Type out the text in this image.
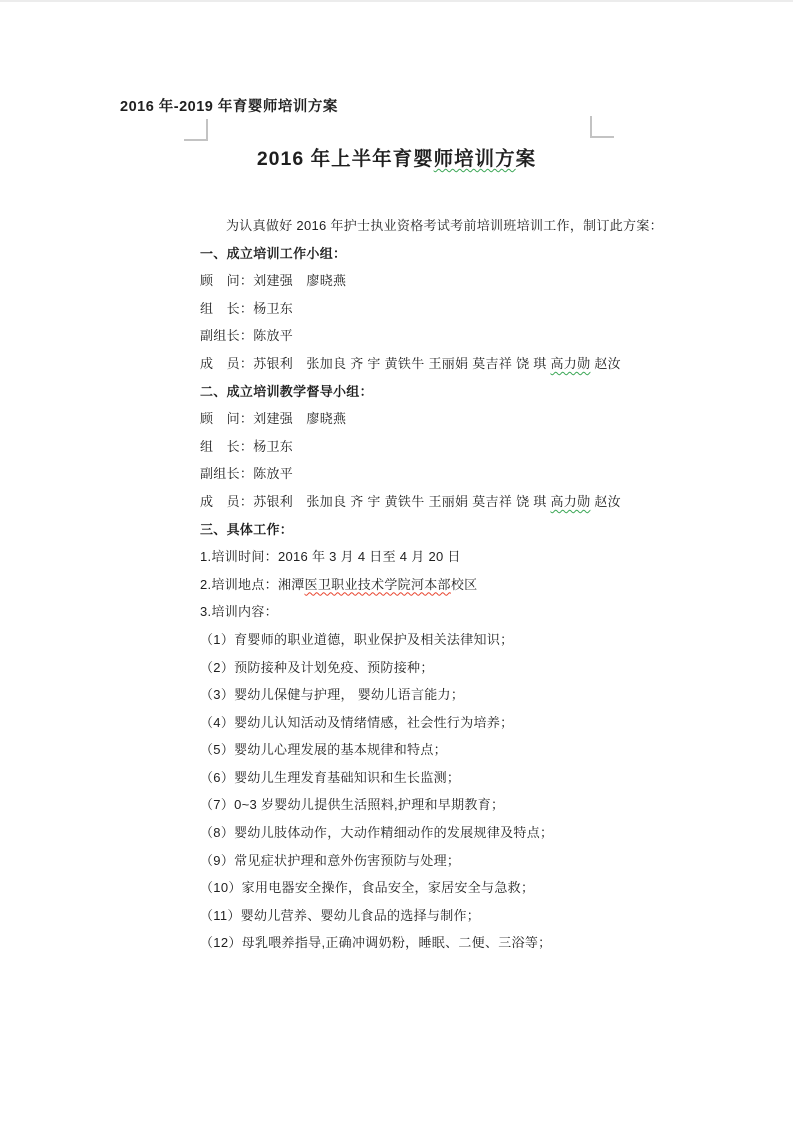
2016 年-2019 年育婴师培训方案
2016 年上半年育婴师培训方案
为认真做好 2016 年护士执业资格考试考前培训班培训工作，制订此方案：
一、成立培训工作小组：
顾　问：刘建强　廖晓燕
组　长：杨卫东
副组长：陈放平
成　员：苏银利　张加良 齐 宇 黄铁牛 王丽娟 莫吉祥 饶 琪 高力勋 赵汝
二、成立培训教学督导小组：
顾　问：刘建强　廖晓燕
组　长：杨卫东
副组长：陈放平
成　员：苏银利　张加良 齐 宇 黄铁牛 王丽娟 莫吉祥 饶 琪 高力勋 赵汝
三、具体工作：
1.培训时间：2016 年 3 月 4 日至 4 月 20 日
2.培训地点：湘潭医卫职业技术学院河本部校区
3.培训内容：
（1）育婴师的职业道德，职业保护及相关法律知识；
（2）预防接种及计划免疫、预防接种；
（3）婴幼儿保健与护理， 婴幼儿语言能力；
（4）婴幼儿认知活动及情绪情感，社会性行为培养；
（5）婴幼儿心理发展的基本规律和特点；
（6）婴幼儿生理发育基础知识和生长监测；
（7）0~3 岁婴幼儿提供生活照料,护理和早期教育；
（8）婴幼儿肢体动作，大动作精细动作的发展规律及特点；
（9）常见症状护理和意外伤害预防与处理；
（10）家用电器安全操作，食品安全，家居安全与急救；
（11）婴幼儿营养、婴幼儿食品的选择与制作；
（12）母乳喂养指导,正确冲调奶粉，睡眠、二便、三浴等；
